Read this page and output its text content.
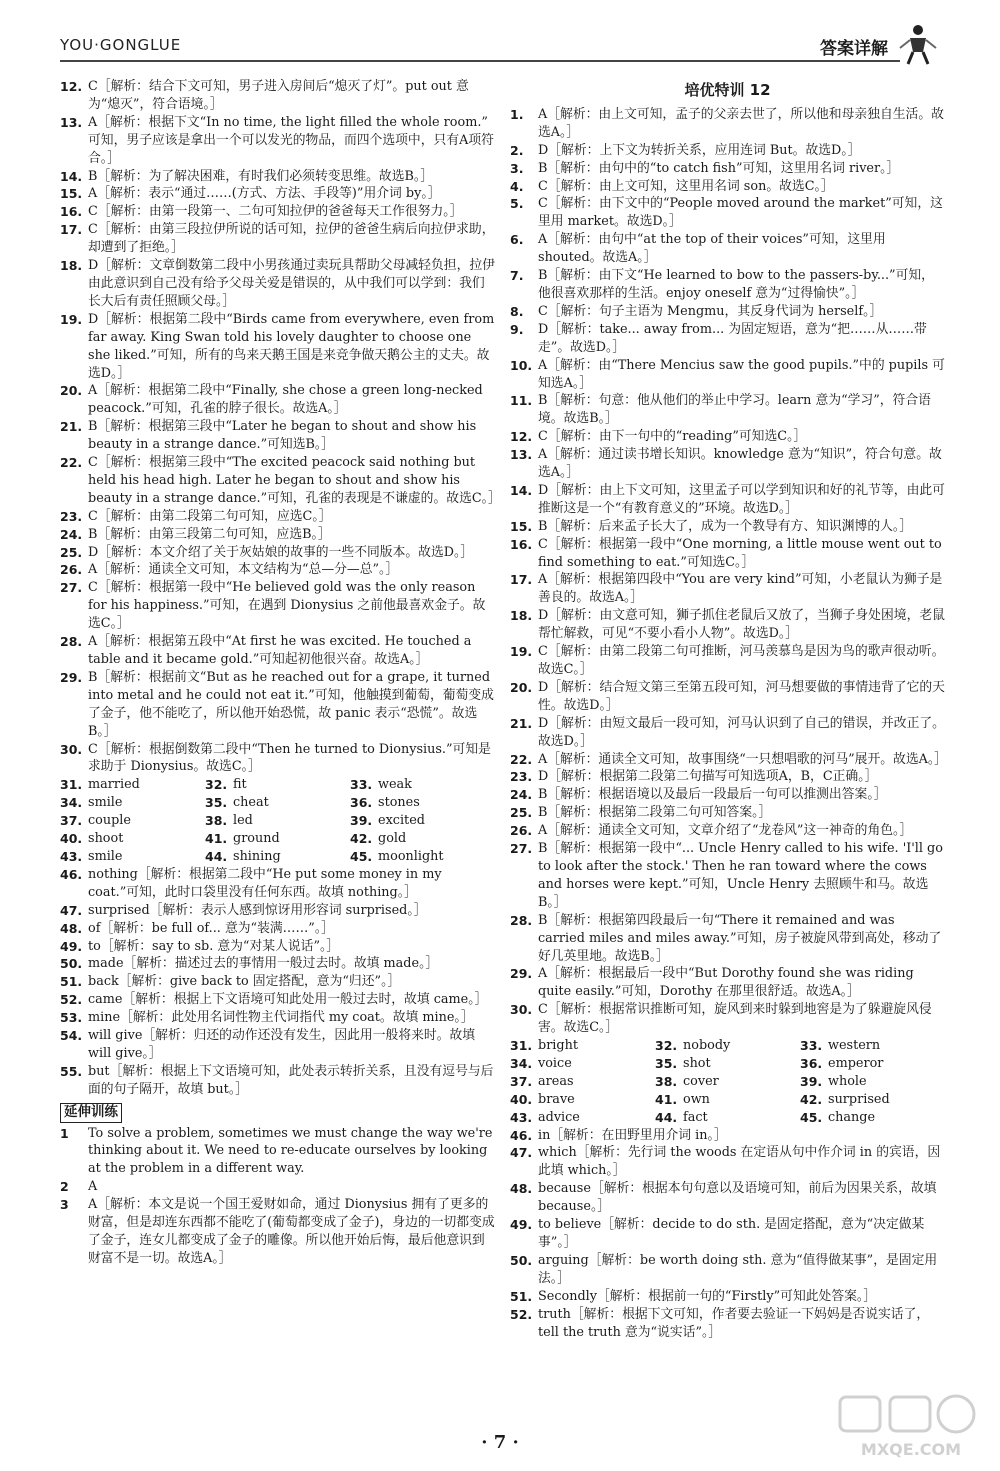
YOU·GONGLUE	答案详解
12. C［解析：结合下文可知，男子进入房间后“熄灭了灯”。put out 意为“熄灭”，符合语境。］
13. A［解析：根据下文“In no time, the light filled the whole room.” 可知，男子应该是拿出一个可以发光的物品，而四个选项中，只有A项符合。］
14. B［解析：为了解决困难，有时我们必须转变思维。故选B。］
15. A［解析：表示“通过……(方式、方法、手段等)”用介词 by。］
16. C［解析：由第一段第一、二句可知拉伊的爸爸每天工作很努力。］
17. C［解析：由第三段拉伊所说的话可知，拉伊的爸爸生病后向拉伊求助，却遭到了拒绝。］
18. D［解析：文章倒数第二段中小男孩通过卖玩具帮助父母减轻负担，拉伊由此意识到自己没有给予父母关爱是错误的，从中我们可以学到：我们长大后有责任照顾父母。］
19. D［解析：根据第二段中“Birds came from everywhere, even from far away. King Swan told his lovely daughter to choose one she liked.”可知，所有的鸟来天鹅王国是来竞争做天鹅公主的丈夫。故选D。］
20. A［解析：根据第二段中“Finally, she chose a green long-necked peacock.”可知，孔雀的脖子很长。故选A。］
21. B［解析：根据第三段中“Later he began to shout and show his beauty in a strange dance.”可知选B。］
22. C［解析：根据第三段中“The excited peacock said nothing but held his head high. Later he began to shout and show his beauty in a strange dance.”可知，孔雀的表现是不谦虚的。故选C。］
23. C［解析：由第二段第二句可知，应选C。］
24. B［解析：由第三段第二句可知，应选B。］
25. D［解析：本文介绍了关于灰姑娘的故事的一些不同版本。故选D。］
26. A［解析：通读全文可知，本文结构为“总—分—总”。］
27. C［解析：根据第一段中“He believed gold was the only reason for his happiness.”可知，在遇到 Dionysius 之前他最喜欢金子。故选C。］
28. A［解析：根据第五段中“At first he was excited. He touched a table and it became gold.”可知起初他很兴奋。故选A。］
29. B［解析：根据前文“But as he reached out for a grape, it turned into metal and he could not eat it.”可知，他触摸到葡萄，葡萄变成了金子，他不能吃了，所以他开始恐慌，故 panic 表示“恐慌”。故选B。］
30. C［解析：根据倒数第二段中“Then he turned to Dionysius.”可知是求助于 Dionysius。故选C。］
31. married	32. fit	33. weak
34. smile	35. cheat	36. stones
37. couple	38. led	39. excited
40. shoot	41. ground	42. gold
43. smile	44. shining	45. moonlight
46. nothing［解析：根据第二段中“He put some money in my coat.”可知，此时口袋里没有任何东西。故填 nothing。］
47. surprised［解析：表示人感到惊讶用形容词 surprised。］
48. of［解析：be full of... 意为“装满……”。］
49. to［解析：say to sb. 意为“对某人说话”。］
50. made［解析：描述过去的事情用一般过去时。故填 made。］
51. back［解析：give back to 固定搭配，意为“归还”。］
52. came［解析：根据上下文语境可知此处用一般过去时，故填 came。］
53. mine［解析：此处用名词性物主代词指代 my coat。故填 mine。］
54. will give［解析：归还的动作还没有发生，因此用一般将来时。故填 will give。］
55. but［解析：根据上下文语境可知，此处表示转折关系，且没有逗号与后面的句子隔开，故填 but。］
延伸训练
1 To solve a problem, sometimes we must change the way we're thinking about it. We need to re-educate ourselves by looking at the problem in a different way.
2 A
3 A［解析：本文是说一个国王爱财如命，通过 Dionysius 拥有了更多的财富，但是却连东西都不能吃了(葡萄都变成了金子)，身边的一切都变成了金子，连女儿都变成了金子的雕像。所以他开始后悔，最后他意识到财富不是一切。故选A。］
培优特训 12
1. A［解析：由上文可知，孟子的父亲去世了，所以他和母亲独自生活。故选A。］
2. D［解析：上下文为转折关系，应用连词 But。故选D。］
3. B［解析：由句中的“to catch fish”可知，这里用名词 river。］
4. C［解析：由上文可知，这里用名词 son。故选C。］
5. C［解析：由下文中的“People moved around the market”可知，这里用 market。故选D。］
6. A［解析：由句中“at the top of their voices”可知，这里用 shouted。故选A。］
7. B［解析：由下文“He learned to bow to the passers-by...”可知，他很喜欢那样的生活。enjoy oneself 意为“过得愉快”。］
8. C［解析：句子主语为 Mengmu，其反身代词为 herself。］
9. D［解析：take... away from... 为固定短语，意为“把……从……带走”。故选D。］
10. A［解析：由“There Mencius saw the good pupils.”中的 pupils 可知选A。］
11. B［解析：句意：他从他们的举止中学习。learn 意为“学习”，符合语境。故选B。］
12. C［解析：由下一句中的“reading”可知选C。］
13. A［解析：通过读书增长知识。knowledge 意为“知识”，符合句意。故选A。］
14. D［解析：由上下文可知，这里孟子可以学到知识和好的礼节等，由此可推断这是一个“有教育意义的”环境。故选D。］
15. B［解析：后来孟子长大了，成为一个教导有方、知识渊博的人。］
16. C［解析：根据第一段中“One morning, a little mouse went out to find something to eat.”可知选C。］
17. A［解析：根据第四段中“You are very kind”可知，小老鼠认为狮子是善良的。故选A。］
18. D［解析：由文意可知，狮子抓住老鼠后又放了，当狮子身处困境，老鼠帮忙解救，可见“不要小看小人物”。故选D。］
19. C［解析：由第二段第二句可推断，河马羡慕鸟是因为鸟的歌声很动听。故选C。］
20. D［解析：结合短文第三至第五段可知，河马想要做的事情违背了它的天性。故选D。］
21. D［解析：由短文最后一段可知，河马认识到了自己的错误，并改正了。故选D。］
22. A［解析：通读全文可知，故事围绕“一只想唱歌的河马”展开。故选A。］
23. D［解析：根据第二段第二句描写可知选项A，B，C正确。］
24. B［解析：根据语境以及最后一段最后一句可以推测出答案。］
25. B［解析：根据第二段第二句可知答案。］
26. A［解析：通读全文可知，文章介绍了“龙卷风”这一神奇的角色。］
27. B［解析：根据第一段中“... Uncle Henry called to his wife. 'I'll go to look after the stock.' Then he ran toward where the cows and horses were kept.”可知，Uncle Henry 去照顾牛和马。故选B。］
28. B［解析：根据第四段最后一句“There it remained and was carried miles and miles away.”可知，房子被旋风带到高处，移动了好几英里地。故选B。］
29. A［解析：根据最后一段中“But Dorothy found she was riding quite easily.”可知，Dorothy 在那里很舒适。故选A。］
30. C［解析：根据常识推断可知，旋风到来时躲到地窖是为了躲避旋风侵害。故选C。］
31. bright	32. nobody	33. western
34. voice	35. shot	36. emperor
37. areas	38. cover	39. whole
40. brave	41. own	42. surprised
43. advice	44. fact	45. change
46. in［解析：在田野里用介词 in。］
47. which［解析：先行词 the woods 在定语从句中作介词 in 的宾语，因此填 which。］
48. because［解析：根据本句句意以及语境可知，前后为因果关系，故填 because。］
49. to believe［解析：decide to do sth. 是固定搭配，意为“决定做某事”。］
50. arguing［解析：be worth doing sth. 意为“值得做某事”，是固定用法。］
51. Secondly［解析：根据前一句的“Firstly”可知此处答案。］
52. truth［解析：根据下文可知，作者要去验证一下妈妈是否说实话了，tell the truth 意为“说实话”。］
· 7 ·	MXQE.COM
